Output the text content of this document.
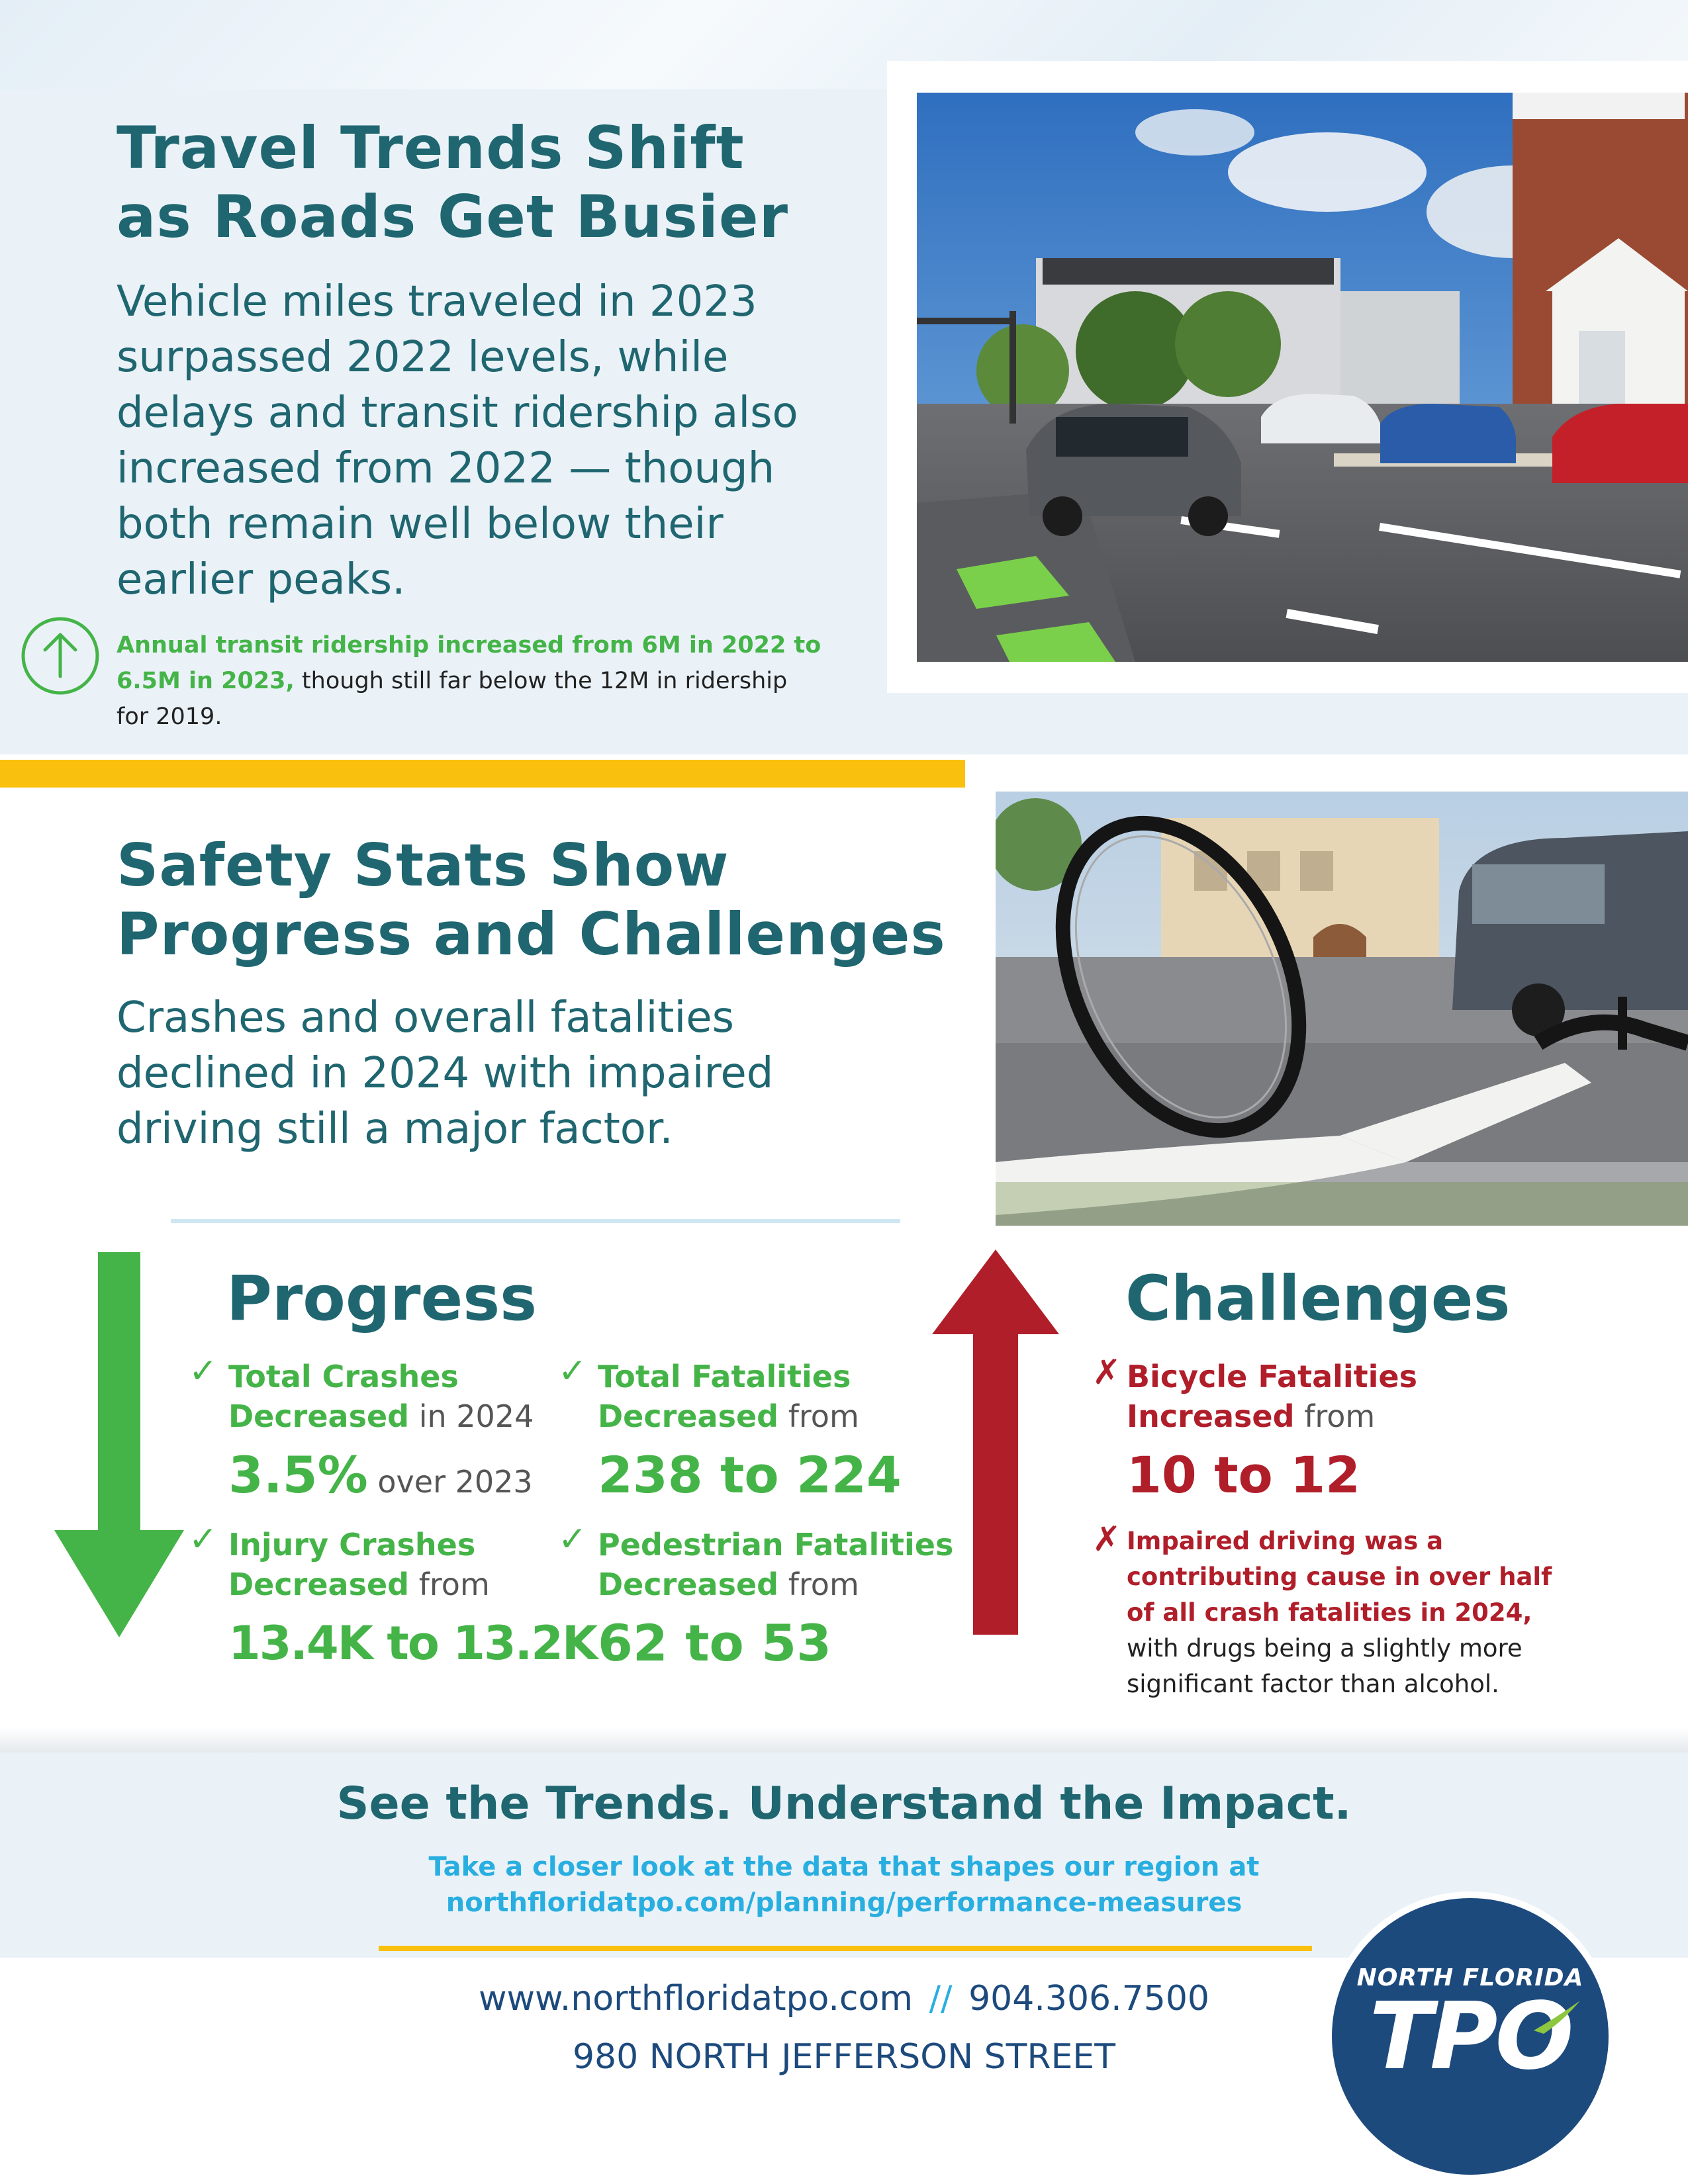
Travel Trends Shift
as Roads Get Busier
Vehicle miles traveled in 2023
surpassed 2022 levels, while
delays and transit ridership also
increased from 2022 — though
both remain well below their
earlier peaks.
Annual transit ridership increased from 6M in 2022 to
6.5M in 2023, though still far below the 12M in ridership
for 2019.
Safety Stats Show
Progress and Challenges
Crashes and overall fatalities
declined in 2024 with impaired
driving still a major factor.
Progress
✓ Total Crashes
Decreased in 2024
3.5% over 2023
✓ Total Fatalities
Decreased from
238 to 224
✓ Injury Crashes
Decreased from
13.4K to 13.2K
✓ Pedestrian Fatalities
Decreased from
62 to 53
Challenges
✗ Bicycle Fatalities
Increased from
10 to 12
✗ Impaired driving was a
contributing cause in over half
of all crash fatalities in 2024,
with drugs being a slightly more
significant factor than alcohol.
See the Trends. Understand the Impact.
Take a closer look at the data that shapes our region at
northfloridatpo.com/planning/performance-measures
www.northfloridatpo.com // 904.306.7500
980 NORTH JEFFERSON STREET
NORTH FLORIDA
TPO
